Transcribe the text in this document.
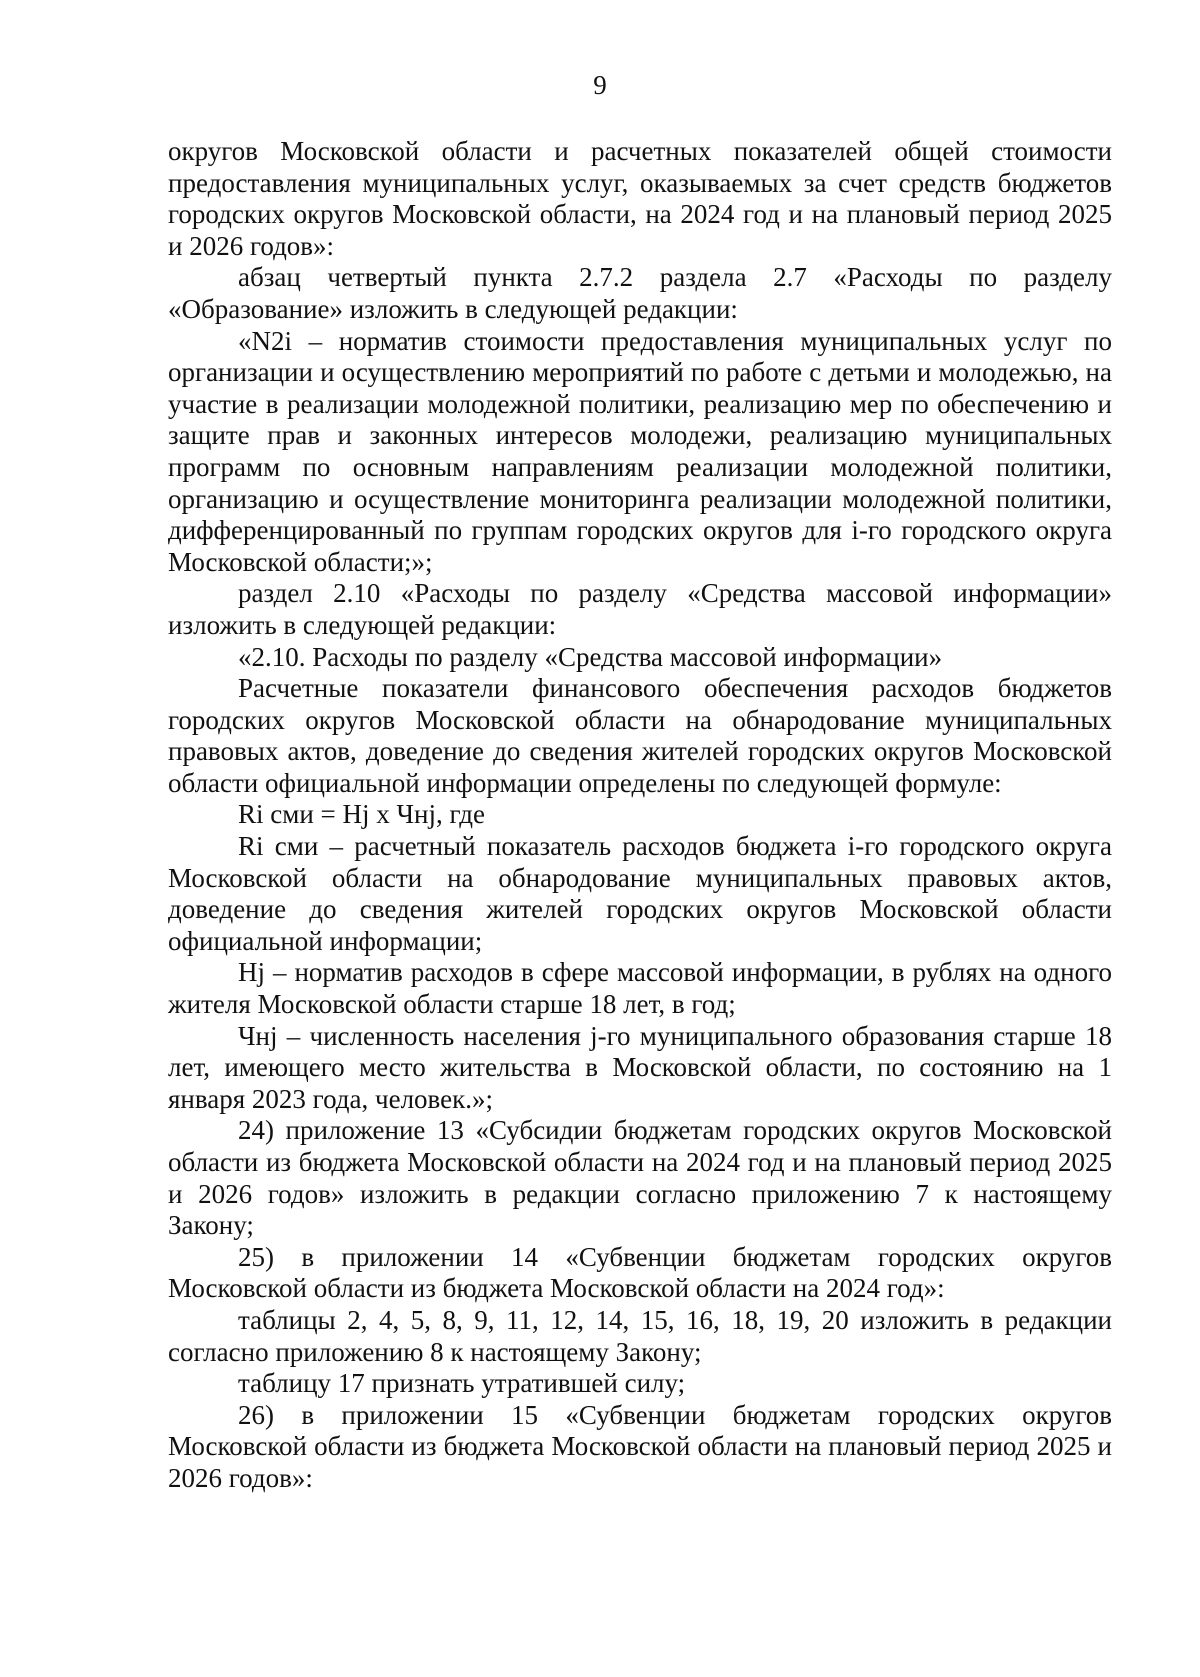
9

округов Московской области и расчетных показателей общей стоимости предоставления муниципальных услуг, оказываемых за счет средств бюджетов городских округов Московской области, на 2024 год и на плановый период 2025 и 2026 годов»:

абзац четвертый пункта 2.7.2 раздела 2.7 «Расходы по разделу «Образование» изложить в следующей редакции:

«N2i – норматив стоимости предоставления муниципальных услуг по организации и осуществлению мероприятий по работе с детьми и молодежью, на участие в реализации молодежной политики, реализацию мер по обеспечению и защите прав и законных интересов молодежи, реализацию муниципальных программ по основным направлениям реализации молодежной политики, организацию и осуществление мониторинга реализации молодежной политики, дифференцированный по группам городских округов для i-го городского округа Московской области;»;

раздел 2.10 «Расходы по разделу «Средства массовой информации» изложить в следующей редакции:

«2.10. Расходы по разделу «Средства массовой информации»

Расчетные показатели финансового обеспечения расходов бюджетов городских округов Московской области на обнародование муниципальных правовых актов, доведение до сведения жителей городских округов Московской области официальной информации определены по следующей формуле:

Ri сми = Hj x Чнj, где

Ri сми – расчетный показатель расходов бюджета i-го городского округа Московской области на обнародование муниципальных правовых актов, доведение до сведения жителей городских округов Московской области официальной информации;

Hj – норматив расходов в сфере массовой информации, в рублях на одного жителя Московской области старше 18 лет, в год;

Чнj – численность населения j-го муниципального образования старше 18 лет, имеющего место жительства в Московской области, по состоянию на 1 января 2023 года, человек.»;

24) приложение 13 «Субсидии бюджетам городских округов Московской области из бюджета Московской области на 2024 год и на плановый период 2025 и 2026 годов» изложить в редакции согласно приложению 7 к настоящему Закону;

25) в приложении 14 «Субвенции бюджетам городских округов Московской области из бюджета Московской области на 2024 год»:

таблицы 2, 4, 5, 8, 9, 11, 12, 14, 15, 16, 18, 19, 20 изложить в редакции согласно приложению 8 к настоящему Закону;

таблицу 17 признать утратившей силу;

26) в приложении 15 «Субвенции бюджетам городских округов Московской области из бюджета Московской области на плановый период 2025 и 2026 годов»:
